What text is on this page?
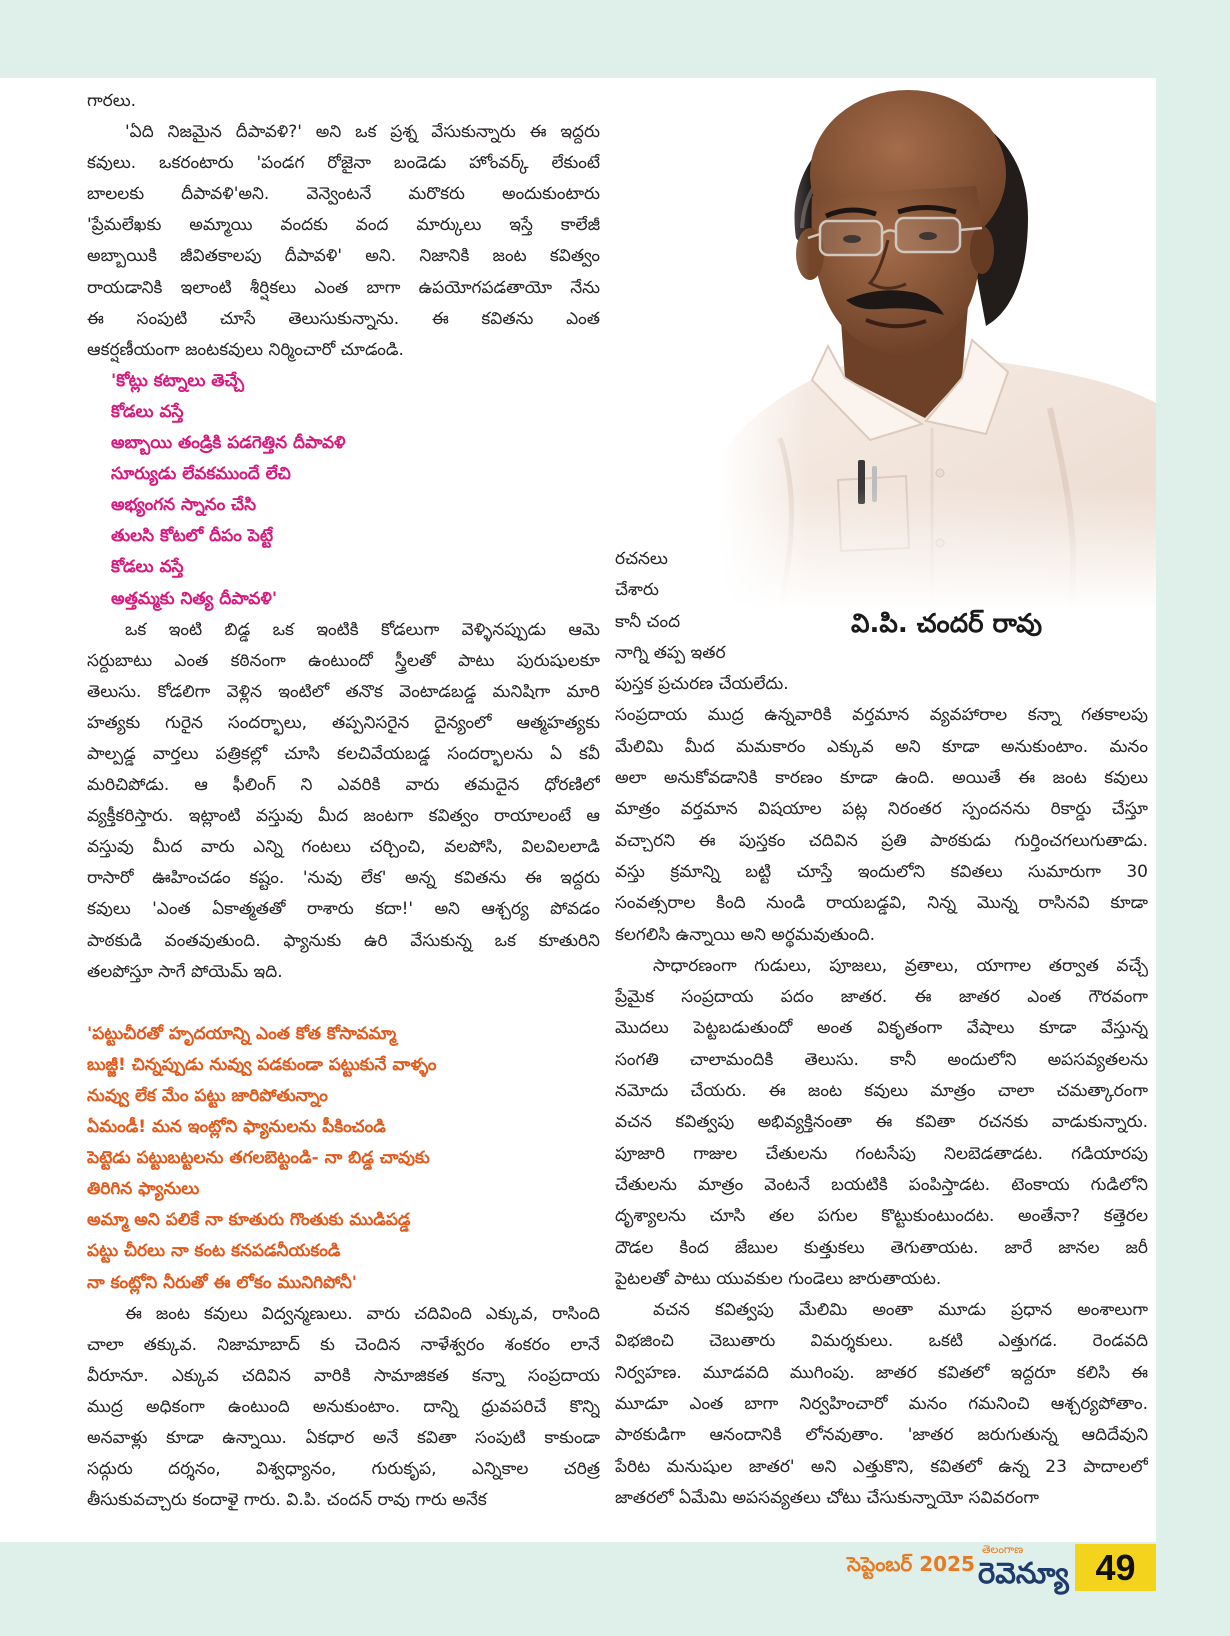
గారలు.
'ఏది నిజమైన దీపావళి?' అని ఒక ప్రశ్న వేసుకున్నారు ఈ ఇద్దరు
కవులు. ఒకరంటారు 'పండగ రోజైనా బండెడు హోంవర్క్ లేకుంటే
బాలలకు దీపావళి'అని. వెన్వెంటనే మరొకరు అందుకుంటారు
'ప్రేమలేఖకు అమ్మాయి వందకు వంద మార్కులు ఇస్తే కాలేజీ
అబ్బాయికి జీవితకాలపు దీపావళి' అని. నిజానికి జంట కవిత్వం
రాయడానికి ఇలాంటి శీర్షికలు ఎంత బాగా ఉపయోగపడతాయో నేను
ఈ సంపుటి చూసే తెలుసుకున్నాను. ఈ కవితను ఎంత
ఆకర్షణీయంగా జంటకవులు నిర్మించారో చూడండి.
'కోట్లు కట్నాలు తెచ్చే
కోడలు వస్తే
అబ్బాయి తండ్రికి పడగెత్తిన దీపావళి
సూర్యుడు లేవకముందే లేచి
అభ్యంగన స్నానం చేసి
తులసి కోటలో దీపం పెట్టే
కోడలు వస్తే
అత్తమ్మకు నిత్య దీపావళి'
ఒక ఇంటి బిడ్డ ఒక ఇంటికి కోడలుగా వెళ్ళినప్పుడు ఆమె
సర్దుబాటు ఎంత కఠినంగా ఉంటుందో స్త్రీలతో పాటు పురుషులకూ
తెలుసు. కోడలిగా వెళ్లిన ఇంటిలో తనొక వెంటాడబడ్డ మనిషిగా మారి
హత్యకు గురైన సందర్భాలు, తప్పనిసరైన దైన్యంలో ఆత్మహత్యకు
పాల్పడ్డ వార్తలు పత్రికల్లో చూసి కలచివేయబడ్డ సందర్భాలను ఏ కవీ
మరిచిపోడు. ఆ ఫీలింగ్ ని ఎవరికి వారు తమదైన ధోరణిలో
వ్యక్తీకరిస్తారు. ఇట్లాంటి వస్తువు మీద జంటగా కవిత్వం రాయాలంటే ఆ
వస్తువు మీద వారు ఎన్ని గంటలు చర్చించి, వలపోసి, విలవిలలాడి
రాసారో ఊహించడం కష్టం. 'నువు లేక' అన్న కవితను ఈ ఇద్దరు
కవులు 'ఎంత ఏకాత్మతతో రాశారు కదా!' అని ఆశ్చర్య పోవడం
పాఠకుడి వంతవుతుంది. ఫ్యానుకు ఉరి వేసుకున్న ఒక కూతురిని
తలపోస్తూ సాగే పోయెమ్ ఇది.
'పట్టుచీరతో హృదయాన్ని ఎంత కోత కోసావమ్మా
బుజ్జీ! చిన్నప్పుడు నువ్వు పడకుండా పట్టుకునే వాళ్ళం
నువ్వు లేక మేం పట్టు జారిపోతున్నాం
ఏమండీ! మన ఇంట్లోని ఫ్యానులను పీకించండి
పెట్టెడు పట్టుబట్టలను తగలబెట్టండి- నా బిడ్డ చావుకు
తిరిగిన ఫ్యానులు
అమ్మా అని పలికే నా కూతురు గొంతుకు ముడిపడ్డ
పట్టు చీరలు నా కంట కనపడనీయకండి
నా కంట్లోని నీరుతో ఈ లోకం మునిగిపోనీ'
ఈ జంట కవులు విద్వన్మణులు. వారు చదివింది ఎక్కువ, రాసింది
చాలా తక్కువ. నిజామాబాద్ కు చెందిన నాళేశ్వరం శంకరం లానే
వీరూనూ. ఎక్కువ చదివిన వారికి సామాజికత కన్నా సంప్రదాయ
ముద్ర అధికంగా ఉంటుంది అనుకుంటాం. దాన్ని ధ్రువపరిచే కొన్ని
అనవాళ్లు కూడా ఉన్నాయి. ఏకధార అనే కవితా సంపుటి కాకుండా
సద్గురు దర్శనం, విశ్వధ్యానం, గురుకృప, ఎన్నికాల చరిత్ర
తీసుకువచ్చారు కందాళై గారు. వి.పి. చందన్ రావు గారు అనేక
వి.పి. చందర్ రావు
రచనలు
చేశారు
కానీ చంద
నాగ్ని తప్ప ఇతర
పుస్తక ప్రచురణ చేయలేదు.
సంప్రదాయ ముద్ర ఉన్నవారికి వర్తమాన వ్యవహారాల కన్నా గతకాలపు
మేలిమి మీద మమకారం ఎక్కువ అని కూడా అనుకుంటాం. మనం
అలా అనుకోవడానికి కారణం కూడా ఉంది. అయితే ఈ జంట కవులు
మాత్రం వర్తమాన విషయాల పట్ల నిరంతర స్పందనను రికార్డు చేస్తూ
వచ్చారని ఈ పుస్తకం చదివిన ప్రతి పాఠకుడు గుర్తించగలుగుతాడు.
వస్తు క్రమాన్ని బట్టి చూస్తే ఇందులోని కవితలు సుమారుగా 30
సంవత్సరాల కింది నుండి రాయబడ్డవి, నిన్న మొన్న రాసినవి కూడా
కలగలిసి ఉన్నాయి అని అర్థమవుతుంది.
సాధారణంగా గుడులు, పూజలు, వ్రతాలు, యాగాల తర్వాత వచ్చే
ప్రేమైక సంప్రదాయ పదం జాతర. ఈ జాతర ఎంత గౌరవంగా
మొదలు పెట్టబడుతుందో అంత వికృతంగా వేషాలు కూడా వేస్తున్న
సంగతి చాలామందికి తెలుసు. కానీ అందులోని అపసవ్యతలను
నమోదు చేయరు. ఈ జంట కవులు మాత్రం చాలా చమత్కారంగా
వచన కవిత్వపు అభివ్యక్తినంతా ఈ కవితా రచనకు వాడుకున్నారు.
పూజారి గాజుల చేతులను గంటసేపు నిలబెడతాడట. గడియారపు
చేతులను మాత్రం వెంటనే బయటికి పంపిస్తాడట. టెంకాయ గుడిలోని
దృశ్యాలను చూసి తల పగుల కొట్టుకుంటుందట. అంతేనా? కత్తెరల
దౌడల కింద జేబుల కుత్తుకలు తెగుతాయట. జారే జానల జరీ
పైటలతో పాటు యువకుల గుండెలు జారుతాయట.
వచన కవిత్వపు మేలిమి అంతా మూడు ప్రధాన అంశాలుగా
విభజించి చెబుతారు విమర్శకులు. ఒకటి ఎత్తుగడ. రెండవది
నిర్వహణ. మూడవది ముగింపు. జాతర కవితలో ఇద్దరూ కలిసి ఈ
మూడూ ఎంత బాగా నిర్వహించారో మనం గమనించి ఆశ్చర్యపోతాం.
పాఠకుడిగా ఆనందానికి లోనవుతాం. 'జాతర జరుగుతున్న ఆదిదేవుని
పేరిట మనుషుల జాతర' అని ఎత్తుకొని, కవితలో ఉన్న 23 పాదాలలో
జాతరలో ఏమేమి అపసవ్యతలు చోటు చేసుకున్నాయో సవివరంగా
సెప్టెంబర్ 2025
తెలంగాణ
రెవెన్యూ 49
